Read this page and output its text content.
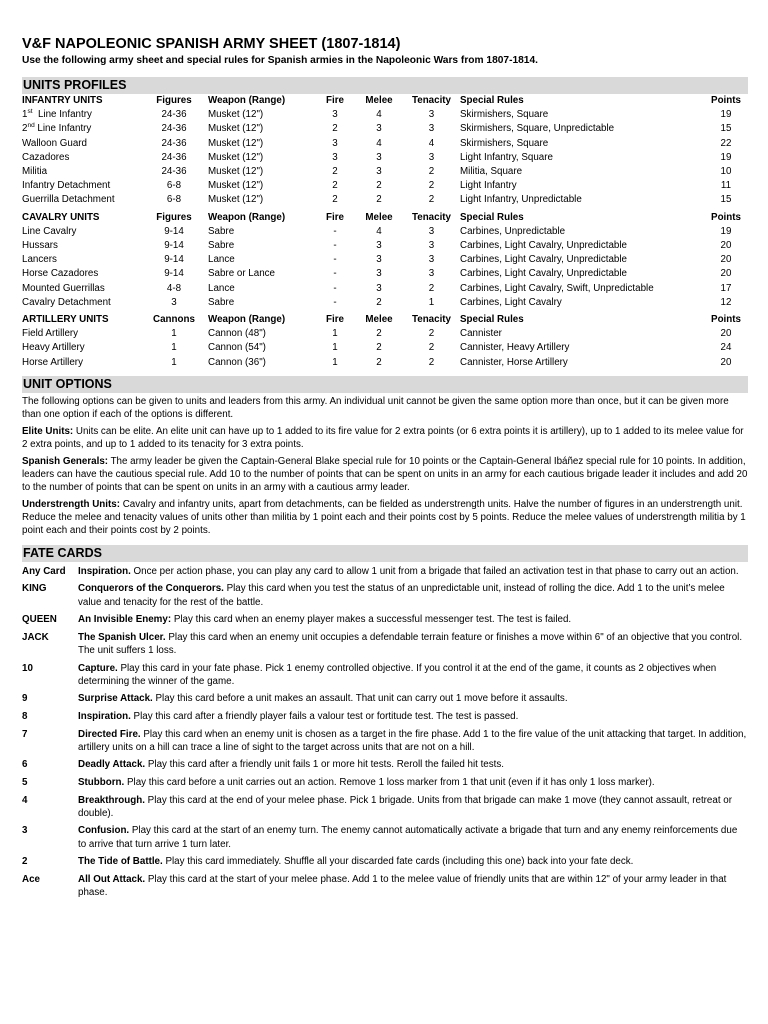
V&F NAPOLEONIC SPANISH ARMY SHEET (1807-1814)
Use the following army sheet and special rules for Spanish armies in the Napoleonic Wars from 1807-1814.
UNITS PROFILES
INFANTRY UNITS	Figures	Weapon (Range)	Fire	Melee	Tenacity	Special Rules	Points
1st  Line Infantry	24-36	Musket (12")	3	4	3	Skirmishers, Square	19
2nd Line Infantry	24-36	Musket (12")	2	3	3	Skirmishers, Square, Unpredictable	15
Walloon Guard	24-36	Musket (12")	3	4	4	Skirmishers, Square	22
Cazadores	24-36	Musket (12")	3	3	3	Light Infantry, Square	19
Militia	24-36	Musket (12")	2	3	2	Militia, Square	10
Infantry Detachment	6-8	Musket (12")	2	2	2	Light Infantry	11
Guerrilla Detachment	6-8	Musket (12")	2	2	2	Light Infantry, Unpredictable	15

CAVALRY UNITS	Figures	Weapon (Range)	Fire	Melee	Tenacity	Special Rules	Points
Line Cavalry	9-14	Sabre	-	4	3	Carbines, Unpredictable	19
Hussars	9-14	Sabre	-	3	3	Carbines, Light Cavalry, Unpredictable	20
Lancers	9-14	Lance	-	3	3	Carbines, Light Cavalry, Unpredictable	20
Horse Cazadores	9-14	Sabre or Lance	-	3	3	Carbines, Light Cavalry, Unpredictable	20
Mounted Guerrillas	4-8	Lance	-	3	2	Carbines, Light Cavalry, Swift, Unpredictable	17
Cavalry Detachment	3	Sabre	-	2	1	Carbines, Light Cavalry	12

ARTILLERY UNITS	Cannons	Weapon (Range)	Fire	Melee	Tenacity	Special Rules	Points
Field Artillery	1	Cannon (48")	1	2	2	Cannister	20
Heavy Artillery	1	Cannon (54")	1	2	2	Cannister, Heavy Artillery	24
Horse Artillery	1	Cannon (36")	1	2	2	Cannister, Horse Artillery	20
UNIT OPTIONS
The following options can be given to units and leaders from this army. An individual unit cannot be given the same option more than once, but it can be given more than one option if each of the options is different.
Elite Units: Units can be elite. An elite unit can have up to 1 added to its fire value for 2 extra points (or 6 extra points it is artillery), up to 1 added to its melee value for 2 extra points, and up to 1 added to its tenacity for 3 extra points.
Spanish Generals: The army leader be given the Captain-General Blake special rule for 10 points or the Captain-General Ibáñez special rule for 10 points. In addition, leaders can have the cautious special rule. Add 10 to the number of points that can be spent on units in an army for each cautious brigade leader it includes and add 20 to the number of points that can be spent on units in an army with a cautious army leader.
Understrength Units: Cavalry and infantry units, apart from detachments, can be fielded as understrength units. Halve the number of figures in an understrength unit. Reduce the melee and tenacity values of units other than militia by 1 point each and their points cost by 5 points. Reduce the melee values of understrength militia by 1 point each and their points cost by 2 points.
FATE CARDS
Any Card	Inspiration. Once per action phase, you can play any card to allow 1 unit from a brigade that failed an activation test in that phase to carry out an action.
KING	Conquerors of the Conquerors. Play this card when you test the status of an unpredictable unit, instead of rolling the dice. Add 1 to the unit’s melee value and tenacity for the rest of the battle.
QUEEN	An Invisible Enemy: Play this card when an enemy player makes a successful messenger test. The test is failed.
JACK	The Spanish Ulcer. Play this card when an enemy unit occupies a defendable terrain feature or finishes a move within 6" of an objective that you control. The unit suffers 1 loss.
10	Capture. Play this card in your fate phase. Pick 1 enemy controlled objective. If you control it at the end of the game, it counts as 2 objectives when determining the winner of the game.
9	Surprise Attack. Play this card before a unit makes an assault. That unit can carry out 1 move before it assaults.
8	Inspiration. Play this card after a friendly player fails a valour test or fortitude test. The test is passed.
7	Directed Fire. Play this card when an enemy unit is chosen as a target in the fire phase. Add 1 to the fire value of the unit attacking that target. In addition, artillery units on a hill can trace a line of sight to the target across units that are not on a hill.
6	Deadly Attack. Play this card after a friendly unit fails 1 or more hit tests. Reroll the failed hit tests.
5	Stubborn. Play this card before a unit carries out an action. Remove 1 loss marker from 1 that unit (even if it has only 1 loss marker).
4	Breakthrough. Play this card at the end of your melee phase. Pick 1 brigade. Units from that brigade can make 1 move (they cannot assault, retreat or double).
3	Confusion. Play this card at the start of an enemy turn. The enemy cannot automatically activate a brigade that turn and any enemy reinforcements due to arrive that turn arrive 1 turn later.
2	The Tide of Battle. Play this card immediately. Shuffle all your discarded fate cards (including this one) back into your fate deck.
Ace	All Out Attack. Play this card at the start of your melee phase. Add 1 to the melee value of friendly units that are within 12" of your army leader in that phase.
